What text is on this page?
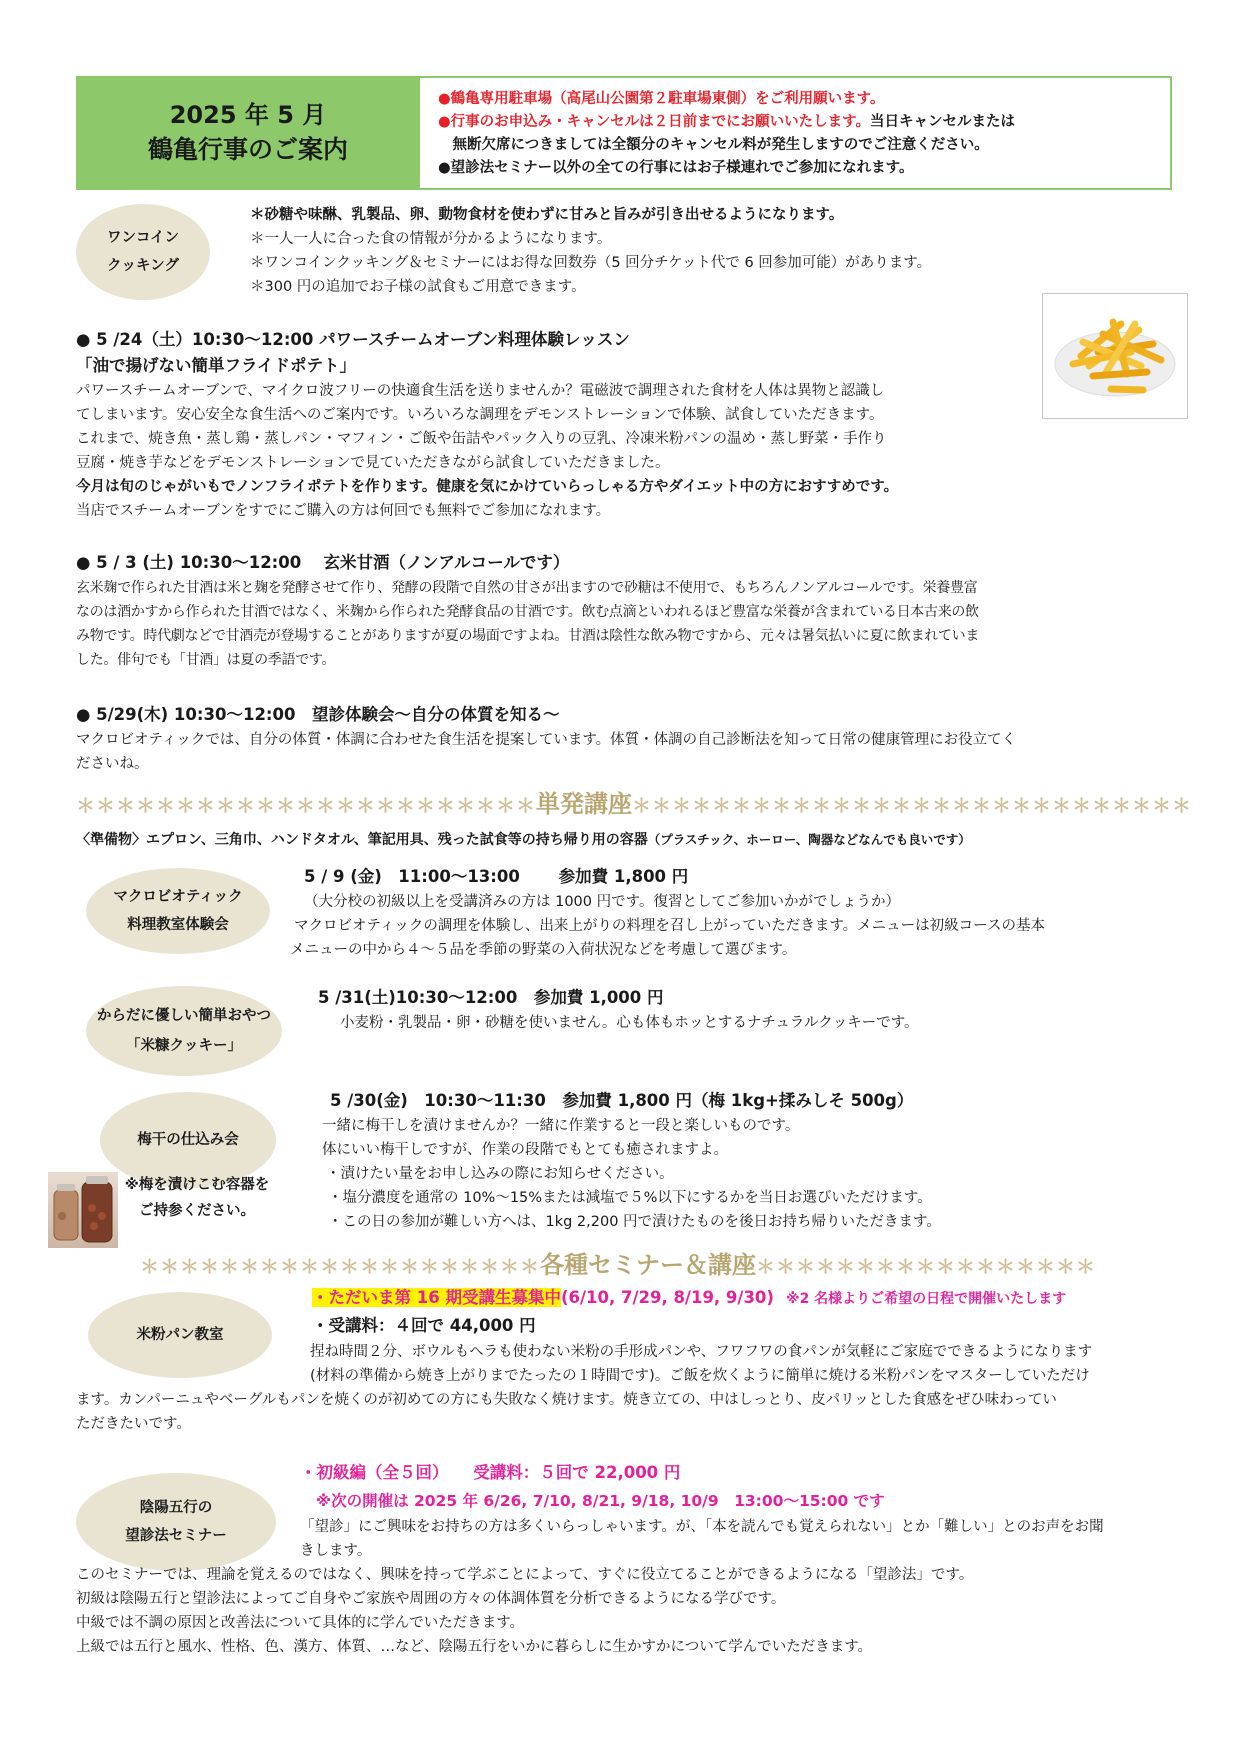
2025 年 5 月
鶴亀行事のご案内
●鶴亀専用駐車場（高尾山公園第２駐車場東側）をご利用願います。
●行事のお申込み・キャンセルは２日前までにお願いいたします。当日キャンセルまたは
　無断欠席につきましては全額分のキャンセル料が発生しますのでご注意ください。
●望診法セミナー以外の全ての行事にはお子様連れでご参加になれます。
ワンコイン
クッキング
＊砂糖や味醂、乳製品、卵、動物食材を使わずに甘みと旨みが引き出せるようになります。
＊一人一人に合った食の情報が分かるようになります。
＊ワンコインクッキング＆セミナーにはお得な回数券（5 回分チケット代で 6 回参加可能）があります。
＊300 円の追加でお子様の試食もご用意できます。
● 5 /24（土）10:30～12:00 パワースチームオーブン料理体験レッスン
「油で揚げない簡単フライドポテト」
パワースチームオーブンで、マイクロ波フリーの快適食生活を送りませんか？電磁波で調理された食材を人体は異物と認識し
てしまいます。安心安全な食生活へのご案内です。いろいろな調理をデモンストレーションで体験、試食していただきます。
これまで、焼き魚・蒸し鶏・蒸しパン・マフィン・ご飯や缶詰やパック入りの豆乳、冷凍米粉パンの温め・蒸し野菜・手作り
豆腐・焼き芋などをデモンストレーションで見ていただきながら試食していただきました。
今月は旬のじゃがいもでノンフライポテトを作ります。健康を気にかけていらっしゃる方やダイエット中の方におすすめです。
当店でスチームオーブンをすでにご購入の方は何回でも無料でご参加になれます。
● 5 / 3 (土) 10:30～12:00　 玄米甘酒（ノンアルコールです）
玄米麹で作られた甘酒は米と麹を発酵させて作り、発酵の段階で自然の甘さが出ますので砂糖は不使用で、もちろんノンアルコールです。栄養豊富
なのは酒かすから作られた甘酒ではなく、米麹から作られた発酵食品の甘酒です。飲む点滴といわれるほど豊富な栄養が含まれている日本古来の飲
み物です。時代劇などで甘酒売が登場することがありますが夏の場面ですよね。甘酒は陰性な飲み物ですから、元々は暑気払いに夏に飲まれていま
した。俳句でも「甘酒」は夏の季語です。
● 5/29(木) 10:30～12:00　望診体験会～自分の体質を知る～
マクロビオティックでは、自分の体質・体調に合わせた食生活を提案しています。体質・体調の自己診断法を知って日常の健康管理にお役立てく
ださいね。
＊＊＊＊＊＊＊＊＊＊＊＊＊＊＊＊＊＊＊＊＊＊＊単発講座＊＊＊＊＊＊＊＊＊＊＊＊＊＊＊＊＊＊＊＊＊＊＊＊＊＊＊＊
〈準備物〉エプロン、三角巾、ハンドタオル、筆記用具、残った試食等の持ち帰り用の容器（プラスチック、ホーロー、陶器などなんでも良いです）
マクロビオティック
料理教室体験会
5 / 9 (金)　11:00～13:00　　 参加費 1,800 円
（大分校の初級以上を受講済みの方は 1000 円です。復習としてご参加いかがでしょうか）
マクロビオティックの調理を体験し、出来上がりの料理を召し上がっていただきます。メニューは初級コースの基本
メニューの中から４～５品を季節の野菜の入荷状況などを考慮して選びます。
からだに優しい簡単おやつ
「米糠クッキー」
5 /31(土)10:30～12:00　参加費 1,000 円
小麦粉・乳製品・卵・砂糖を使いません。心も体もホッとするナチュラルクッキーです。
梅干の仕込み会
※梅を漬けこむ容器を
ご持参ください。
5 /30(金)　10:30～11:30　参加費 1,800 円（梅 1kg+揉みしそ 500g）
一緒に梅干しを漬けませんか？一緒に作業すると一段と楽しいものです。
体にいい梅干しですが、作業の段階でもとても癒されますよ。
・漬けたい量をお申し込みの際にお知らせください。
・塩分濃度を通常の 10%～15%または減塩で５%以下にするかを当日お選びいただけます。
・この日の参加が難しい方へは、1kg 2,200 円で漬けたものを後日お持ち帰りいただきます。
＊＊＊＊＊＊＊＊＊＊＊＊＊＊＊＊＊＊＊＊各種セミナー＆講座＊＊＊＊＊＊＊＊＊＊＊＊＊＊＊＊＊
米粉パン教室
・ただいま第 16 期受講生募集中(6/10, 7/29, 8/19, 9/30) ※2 名様よりご希望の日程で開催いたします
・受講料：４回で 44,000 円
捏ね時間２分、ボウルもヘラも使わない米粉の手形成パンや、フワフワの食パンが気軽にご家庭でできるようになります
(材料の準備から焼き上がりまでたったの１時間です)。ご飯を炊くように簡単に焼ける米粉パンをマスターしていただけ
ます。カンパーニュやベーグルもパンを焼くのが初めての方にも失敗なく焼けます。焼き立ての、中はしっとり、皮パリッとした食感をぜひ味わってい
ただきたいです。
陰陽五行の
望診法セミナー
・初級編（全５回）　　受講料：５回で 22,000 円
※次の開催は 2025 年 6/26, 7/10, 8/21, 9/18, 10/9　13:00～15:00 です
「望診」にご興味をお持ちの方は多くいらっしゃいます。が、「本を読んでも覚えられない」とか「難しい」とのお声をお聞
きします。
このセミナーでは、理論を覚えるのではなく、興味を持って学ぶことによって、すぐに役立てることができるようになる「望診法」です。
初級は陰陽五行と望診法によってご自身やご家族や周囲の方々の体調体質を分析できるようになる学びです。
中級では不調の原因と改善法について具体的に学んでいただきます。
上級では五行と風水、性格、色、漢方、体質、…など、陰陽五行をいかに暮らしに生かすかについて学んでいただきます。
